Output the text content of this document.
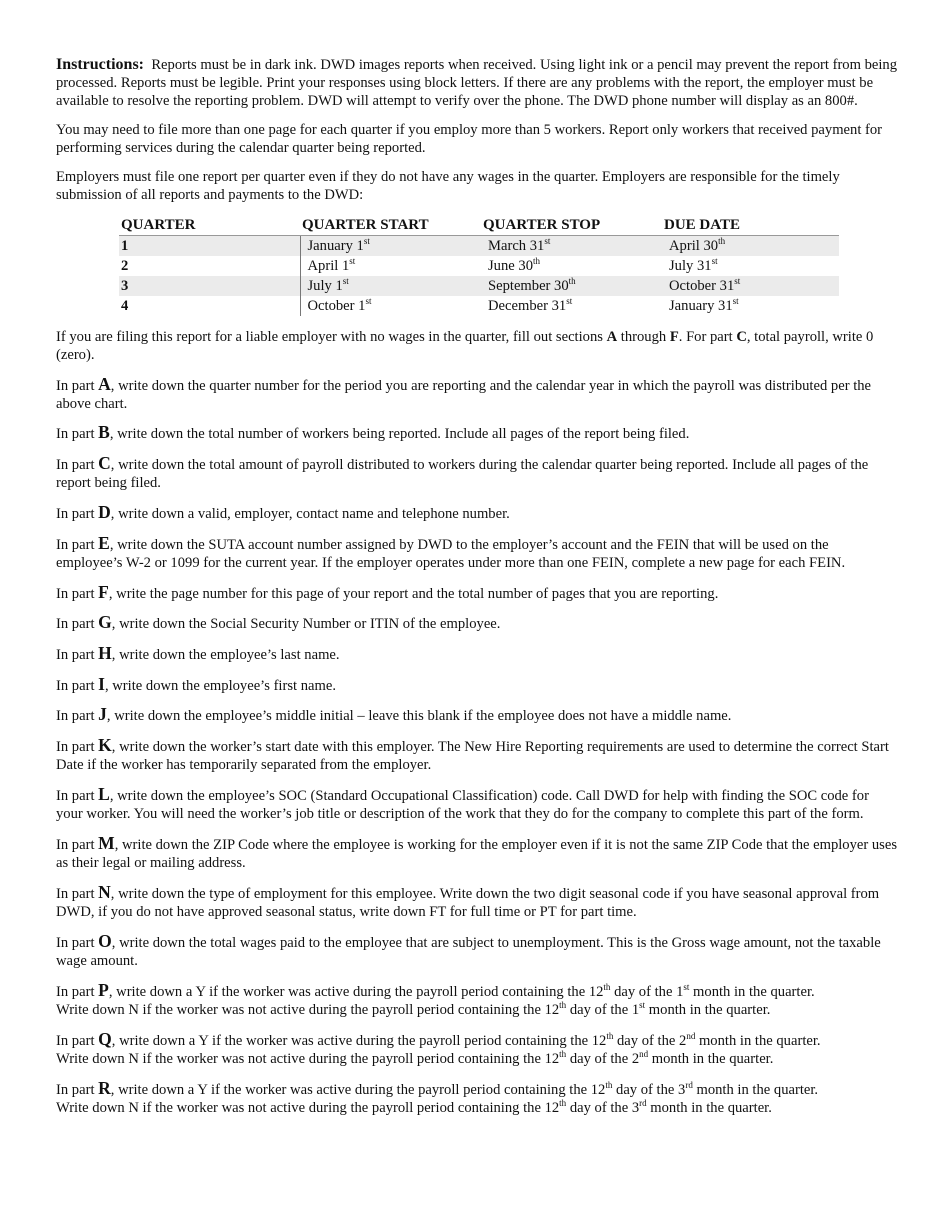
Instructions: Reports must be in dark ink. DWD images reports when received. Using light ink or a pencil may prevent the report from being processed. Reports must be legible. Print your responses using block letters. If there are any problems with the report, the employer must be available to resolve the reporting problem. DWD will attempt to verify over the phone. The DWD phone number will display as an 800#.

You may need to file more than one page for each quarter if you employ more than 5 workers. Report only workers that received payment for performing services during the calendar quarter being reported.

Employers must file one report per quarter even if they do not have any wages in the quarter. Employers are responsible for the timely submission of all reports and payments to the DWD:

QUARTER	QUARTER START	QUARTER STOP	DUE DATE
1	January 1st	March 31st	April 30th
2	April 1st	June 30th	July 31st
3	July 1st	September 30th	October 31st
4	October 1st	December 31st	January 31st

If you are filing this report for a liable employer with no wages in the quarter, fill out sections A through F. For part C, total payroll, write 0 (zero).

In part A, write down the quarter number for the period you are reporting and the calendar year in which the payroll was distributed per the above chart.

In part B, write down the total number of workers being reported. Include all pages of the report being filed.

In part C, write down the total amount of payroll distributed to workers during the calendar quarter being reported. Include all pages of the report being filed.

In part D, write down a valid, employer, contact name and telephone number.

In part E, write down the SUTA account number assigned by DWD to the employer’s account and the FEIN that will be used on the employee’s W-2 or 1099 for the current year. If the employer operates under more than one FEIN, complete a new page for each FEIN.

In part F, write the page number for this page of your report and the total number of pages that you are reporting.

In part G, write down the Social Security Number or ITIN of the employee.

In part H, write down the employee’s last name.

In part I, write down the employee’s first name.

In part J, write down the employee’s middle initial – leave this blank if the employee does not have a middle name.

In part K, write down the worker’s start date with this employer. The New Hire Reporting requirements are used to determine the correct Start Date if the worker has temporarily separated from the employer.

In part L, write down the employee’s SOC (Standard Occupational Classification) code. Call DWD for help with finding the SOC code for your worker. You will need the worker’s job title or description of the work that they do for the company to complete this part of the form.

In part M, write down the ZIP Code where the employee is working for the employer even if it is not the same ZIP Code that the employer uses as their legal or mailing address.

In part N, write down the type of employment for this employee. Write down the two digit seasonal code if you have seasonal approval from DWD, if you do not have approved seasonal status, write down FT for full time or PT for part time.

In part O, write down the total wages paid to the employee that are subject to unemployment. This is the Gross wage amount, not the taxable wage amount.

In part P, write down a Y if the worker was active during the payroll period containing the 12th day of the 1st month in the quarter.
Write down N if the worker was not active during the payroll period containing the 12th day of the 1st month in the quarter.

In part Q, write down a Y if the worker was active during the payroll period containing the 12th day of the 2nd month in the quarter.
Write down N if the worker was not active during the payroll period containing the 12th day of the 2nd month in the quarter.

In part R, write down a Y if the worker was active during the payroll period containing the 12th day of the 3rd month in the quarter.
Write down N if the worker was not active during the payroll period containing the 12th day of the 3rd month in the quarter.
